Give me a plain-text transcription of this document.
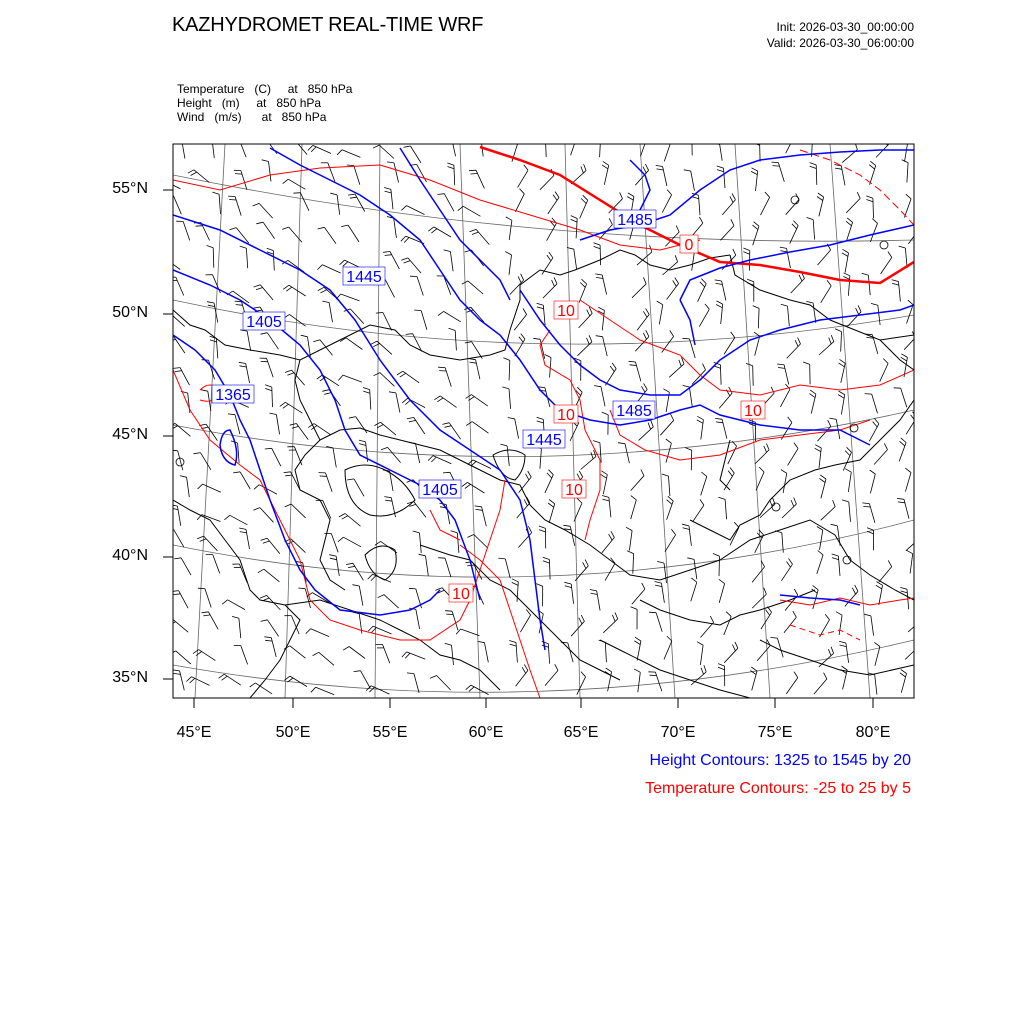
KAZHYDROMET REAL-TIME WRF	Init: 2026-03-30_00:00:00
Valid: 2026-03-30_06:00:00
Temperature   (C)     at   850 hPa
Height   (m)     at   850 hPa
Wind   (m/s)      at   850 hPa
1485
1445
1405
1365
1485
1445
1405
0
10
10	10
10
10
55°N
50°N
45°N
40°N
35°N
45°E	50°E	55°E	60°E	65°E	70°E	75°E	80°E
Height Contours: 1325 to 1545 by 20
Temperature Contours: -25 to 25 by 5
